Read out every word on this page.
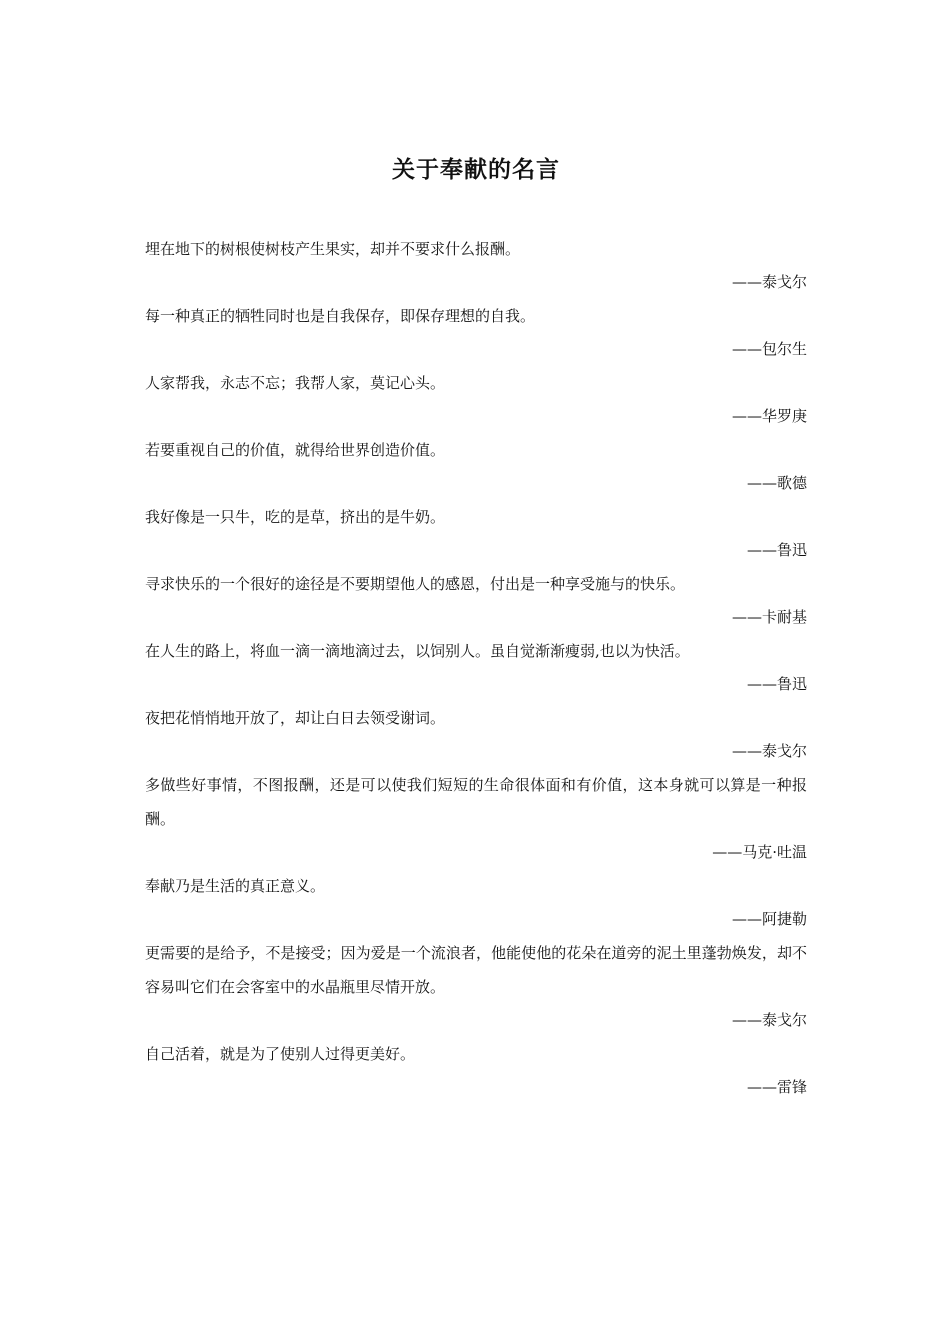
关于奉献的名言

埋在地下的树根使树枝产生果实，却并不要求什么报酬。

——泰戈尔

每一种真正的牺牲同时也是自我保存，即保存理想的自我。

——包尔生

人家帮我，永志不忘；我帮人家，莫记心头。

——华罗庚

若要重视自己的价值，就得给世界创造价值。

——歌德

我好像是一只牛，吃的是草，挤出的是牛奶。

——鲁迅

寻求快乐的一个很好的途径是不要期望他人的感恩，付出是一种享受施与的快乐。

——卡耐基

在人生的路上，将血一滴一滴地滴过去，以饲别人。虽自觉渐渐瘦弱,也以为快活。

——鲁迅

夜把花悄悄地开放了，却让白日去领受谢词。

——泰戈尔

多做些好事情，不图报酬，还是可以使我们短短的生命很体面和有价值，这本身就可以算是一种报酬。

——马克·吐温

奉献乃是生活的真正意义。

——阿捷勒

更需要的是给予，不是接受；因为爱是一个流浪者，他能使他的花朵在道旁的泥土里蓬勃焕发，却不容易叫它们在会客室中的水晶瓶里尽情开放。

——泰戈尔

自己活着，就是为了使别人过得更美好。

——雷锋
